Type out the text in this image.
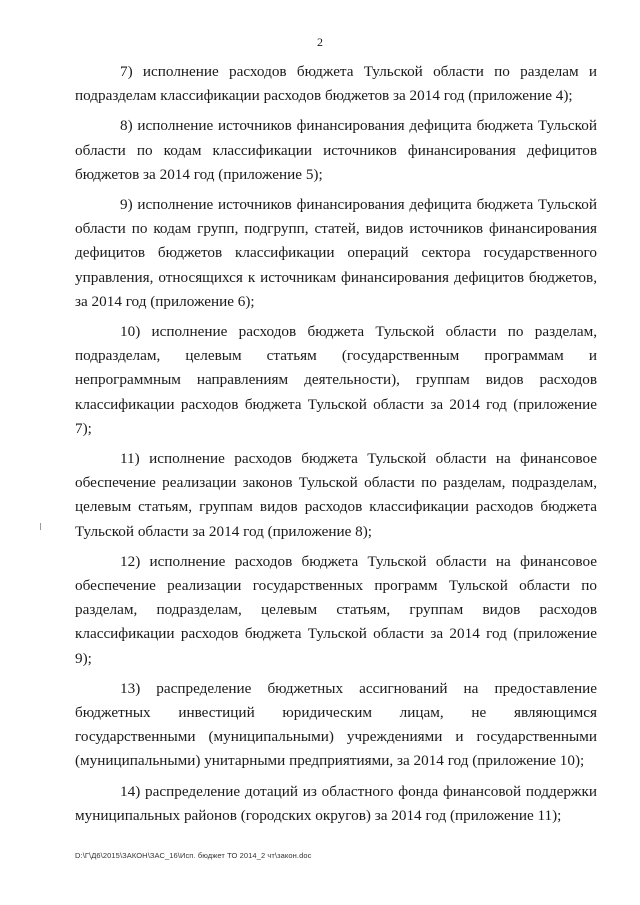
2

7) исполнение расходов бюджета Тульской области по разделам и подразделам классификации расходов бюджетов за 2014 год (приложение 4);

8) исполнение источников финансирования дефицита бюджета Тульской области по кодам классификации источников финансирования дефицитов бюджетов за 2014 год (приложение 5);

9) исполнение источников финансирования дефицита бюджета Тульской области по кодам групп, подгрупп, статей, видов источников финансирования дефицитов бюджетов классификации операций сектора государственного управления, относящихся к источникам финансирования дефицитов бюджетов, за 2014 год (приложение 6);

10) исполнение расходов бюджета Тульской области по разделам, подразделам, целевым статьям (государственным программам и непрограммным направлениям деятельности), группам видов расходов классификации расходов бюджета Тульской области за 2014 год (приложение 7);

11) исполнение расходов бюджета Тульской области на финансовое обеспечение реализации законов Тульской области по разделам, подразделам, целевым статьям, группам видов расходов классификации расходов бюджета Тульской области за 2014 год (приложение 8);

12) исполнение расходов бюджета Тульской области на финансовое обеспечение реализации государственных программ Тульской области по разделам, подразделам, целевым статьям, группам видов расходов классификации расходов бюджета Тульской области за 2014 год (приложение 9);

13) распределение бюджетных ассигнований на предоставление бюджетных инвестиций юридическим лицам, не являющимся государственными (муниципальными) учреждениями и государственными (муниципальными) унитарными предприятиями, за 2014 год (приложение 10);

14) распределение дотаций из областного фонда финансовой поддержки муниципальных районов (городских округов) за 2014 год (приложение 11);

D:\Г\Д6\2015\ЗАКОН\ЗАС_16\Исп. бюджет ТО 2014_2 чт\закон.doc
